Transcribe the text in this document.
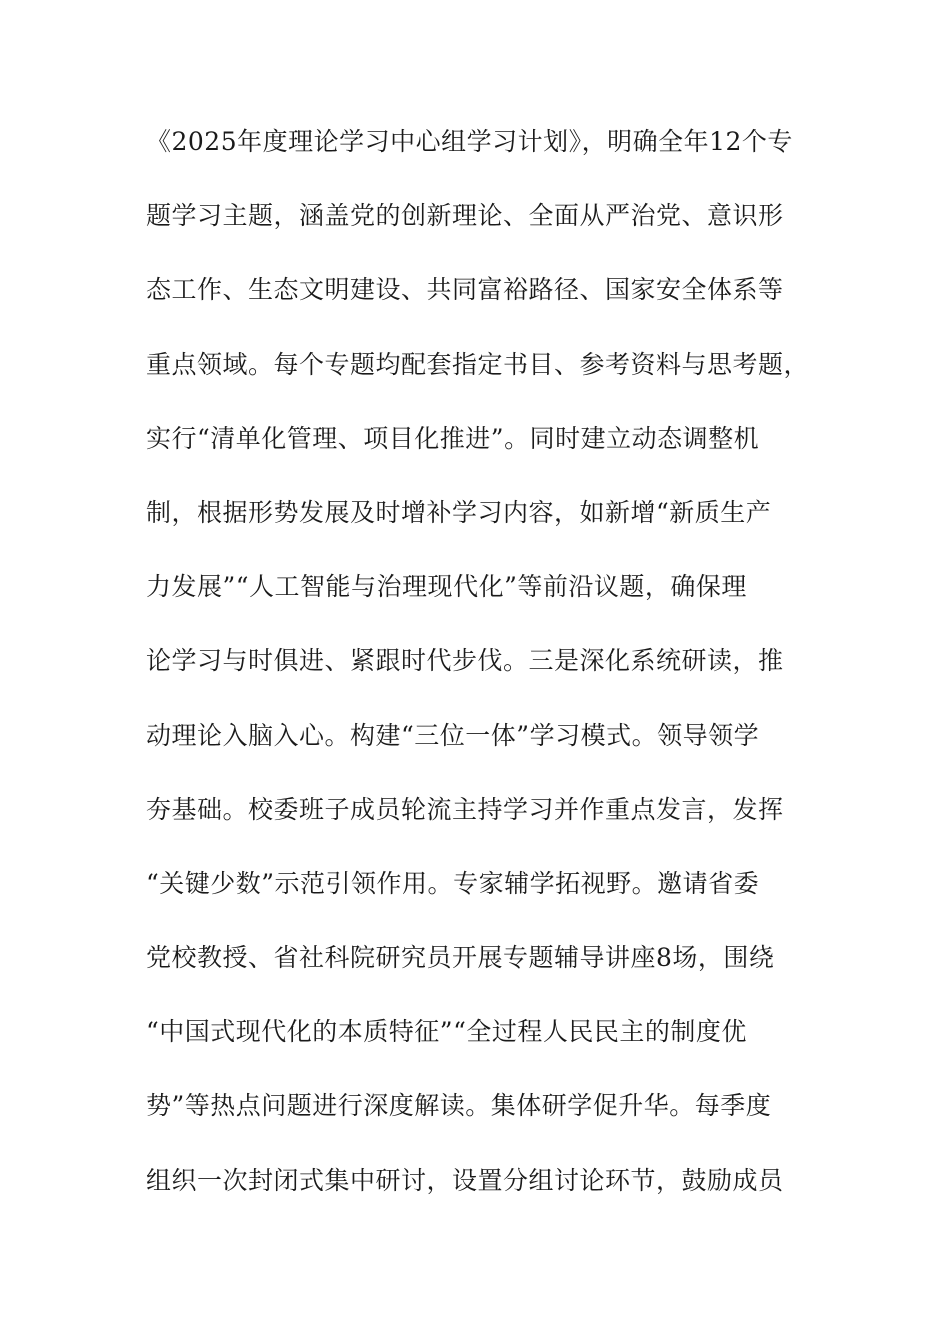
《2025年度理论学习中心组学习计划》，明确全年12个专
题学习主题，涵盖党的创新理论、全面从严治党、意识形
态工作、生态文明建设、共同富裕路径、国家安全体系等
重点领域。每个专题均配套指定书目、参考资料与思考题，
实行“清单化管理、项目化推进”。同时建立动态调整机
制，根据形势发展及时增补学习内容，如新增“新质生产
力发展”“人工智能与治理现代化”等前沿议题，确保理
论学习与时俱进、紧跟时代步伐。三是深化系统研读，推
动理论入脑入心。构建“三位一体”学习模式。领导领学
夯基础。校委班子成员轮流主持学习并作重点发言，发挥
“关键少数”示范引领作用。专家辅学拓视野。邀请省委
党校教授、省社科院研究员开展专题辅导讲座8场，围绕
“中国式现代化的本质特征”“全过程人民民主的制度优
势”等热点问题进行深度解读。集体研学促升华。每季度
组织一次封闭式集中研讨，设置分组讨论环节，鼓励成员
